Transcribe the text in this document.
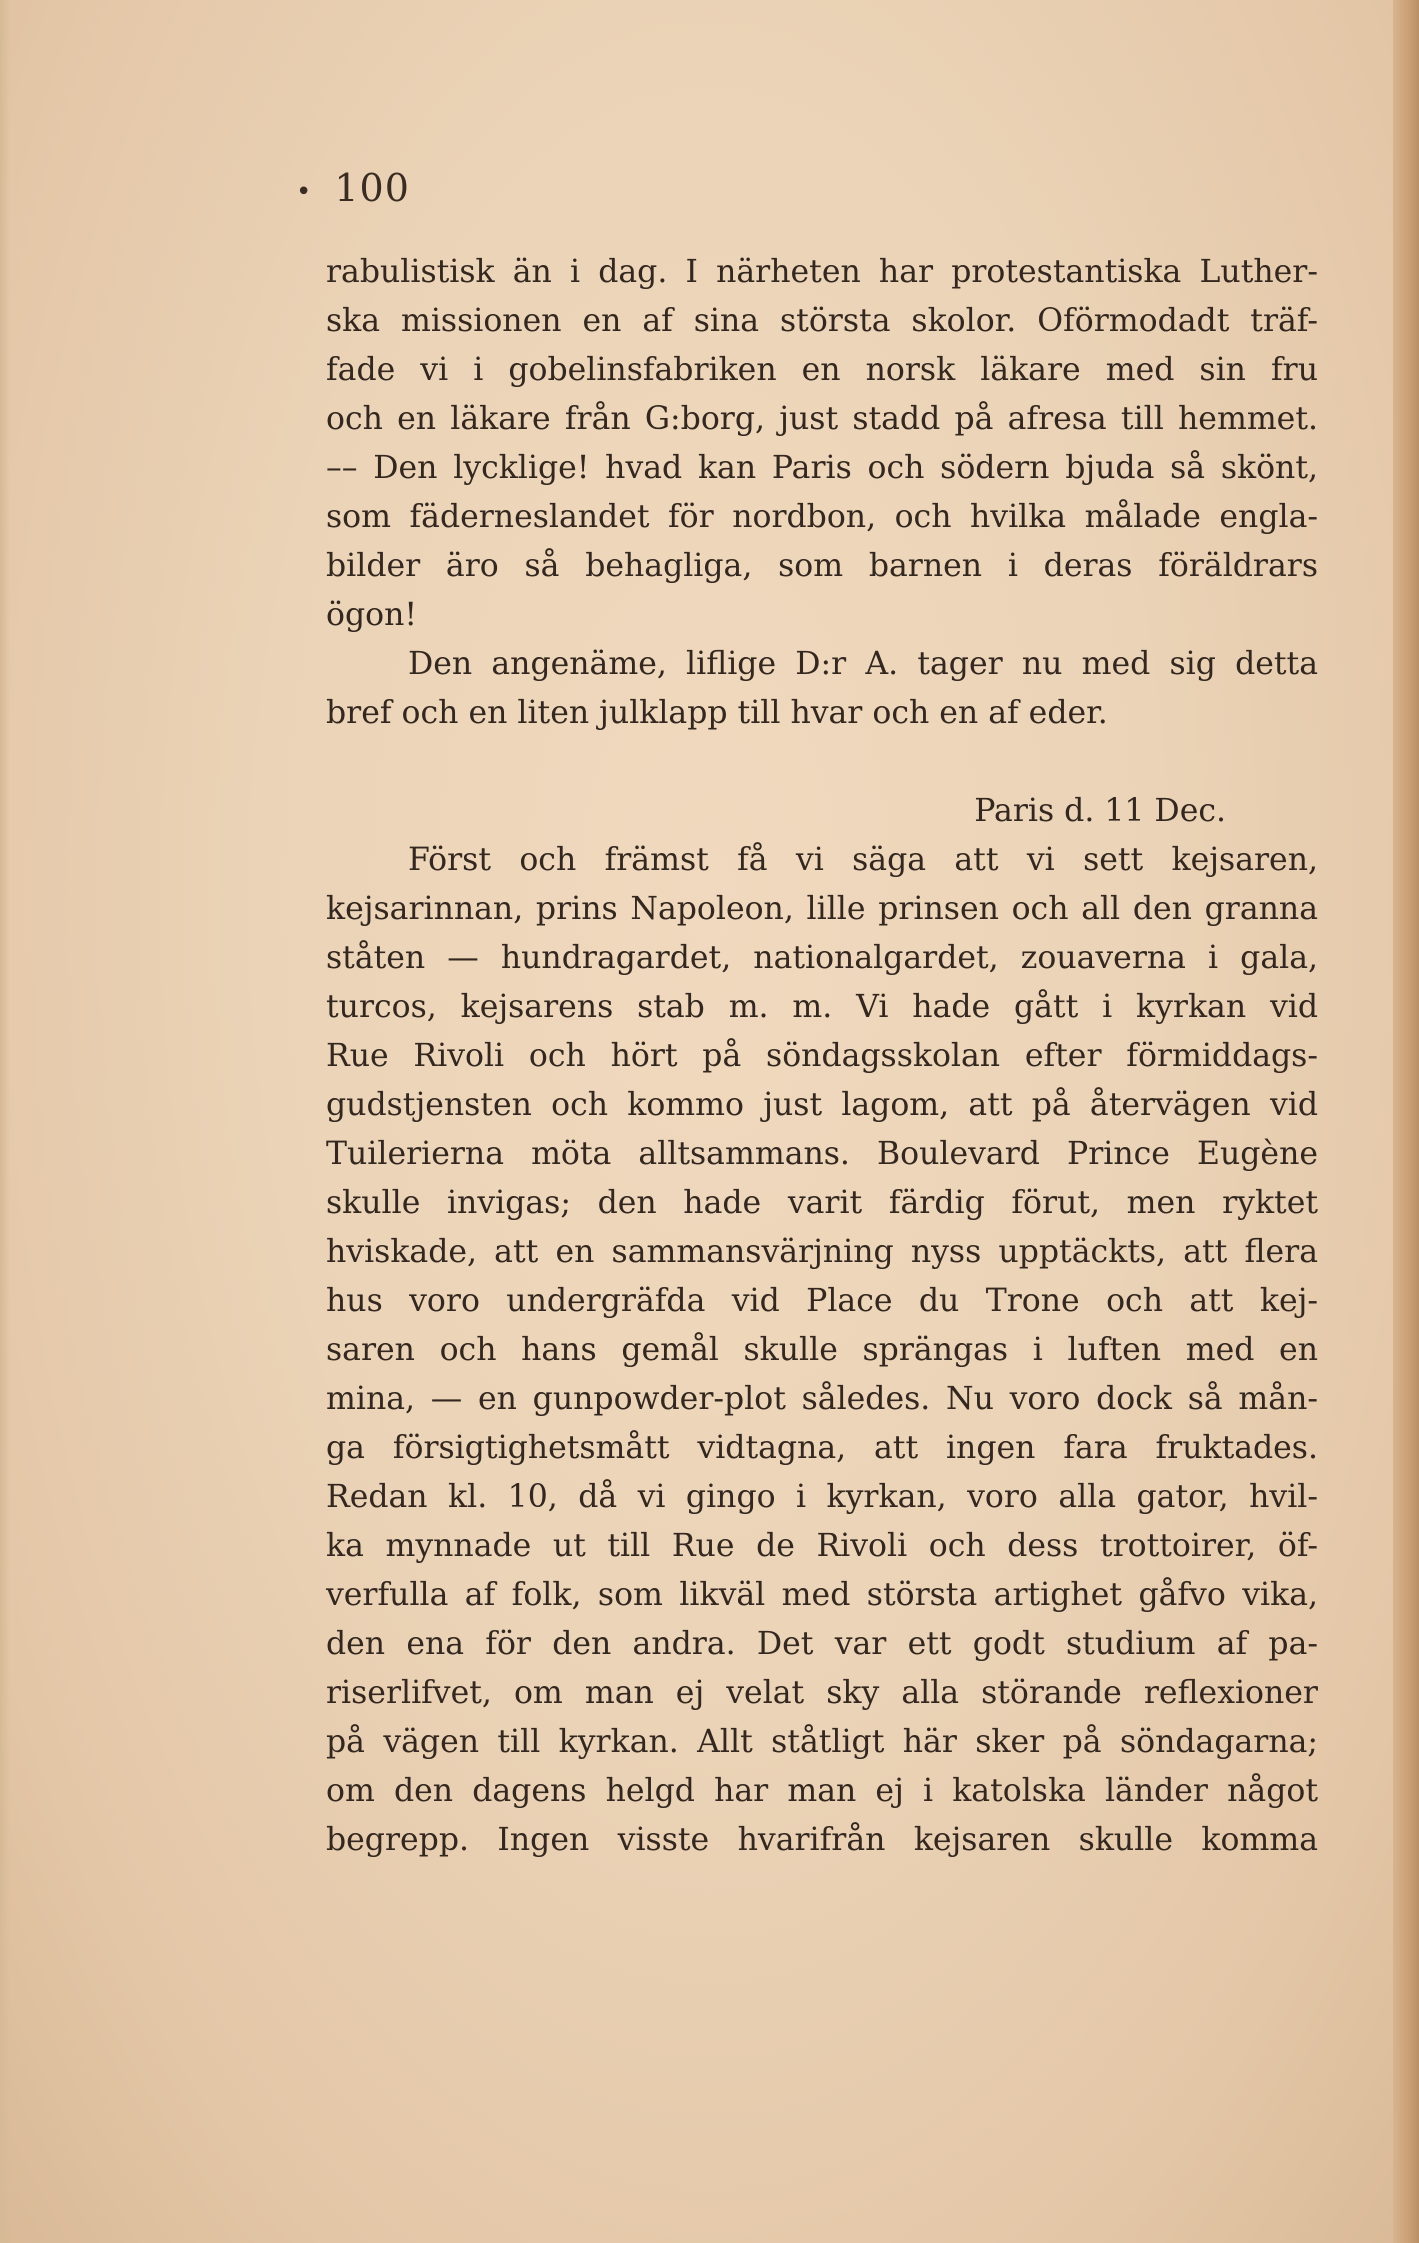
• 100
rabulistisk än i dag. I närheten har protestantiska Luther-
ska missionen en af sina största skolor. Oförmodadt träf-
fade vi i gobelinsfabriken en norsk läkare med sin fru
och en läkare från G:borg, just stadd på afresa till hemmet.
–– Den lycklige! hvad kan Paris och södern bjuda så skönt,
som fäderneslandet för nordbon, och hvilka målade engla-
bilder äro så behagliga, som barnen i deras föräldrars
ögon!
Den angenäme, liflige D:r A. tager nu med sig detta
bref och en liten julklapp till hvar och en af eder.
Paris d. 11 Dec.
Först och främst få vi säga att vi sett kejsaren,
kejsarinnan, prins Napoleon, lille prinsen och all den granna
ståten — hundragardet, nationalgardet, zouaverna i gala,
turcos, kejsarens stab m. m. Vi hade gått i kyrkan vid
Rue Rivoli och hört på söndagsskolan efter förmiddags-
gudstjensten och kommo just lagom, att på återvägen vid
Tuilerierna möta alltsammans. Boulevard Prince Eugène
skulle invigas; den hade varit färdig förut, men ryktet
hviskade, att en sammansvärjning nyss upptäckts, att flera
hus voro undergräfda vid Place du Trone och att kej-
saren och hans gemål skulle sprängas i luften med en
mina, — en gunpowder-plot således. Nu voro dock så mån-
ga försigtighetsmått vidtagna, att ingen fara fruktades.
Redan kl. 10, då vi gingo i kyrkan, voro alla gator, hvil-
ka mynnade ut till Rue de Rivoli och dess trottoirer, öf-
verfulla af folk, som likväl med största artighet gåfvo vika,
den ena för den andra. Det var ett godt studium af pa-
riserlifvet, om man ej velat sky alla störande reflexioner
på vägen till kyrkan. Allt ståtligt här sker på söndagarna;
om den dagens helgd har man ej i katolska länder något
begrepp. Ingen visste hvarifrån kejsaren skulle komma
